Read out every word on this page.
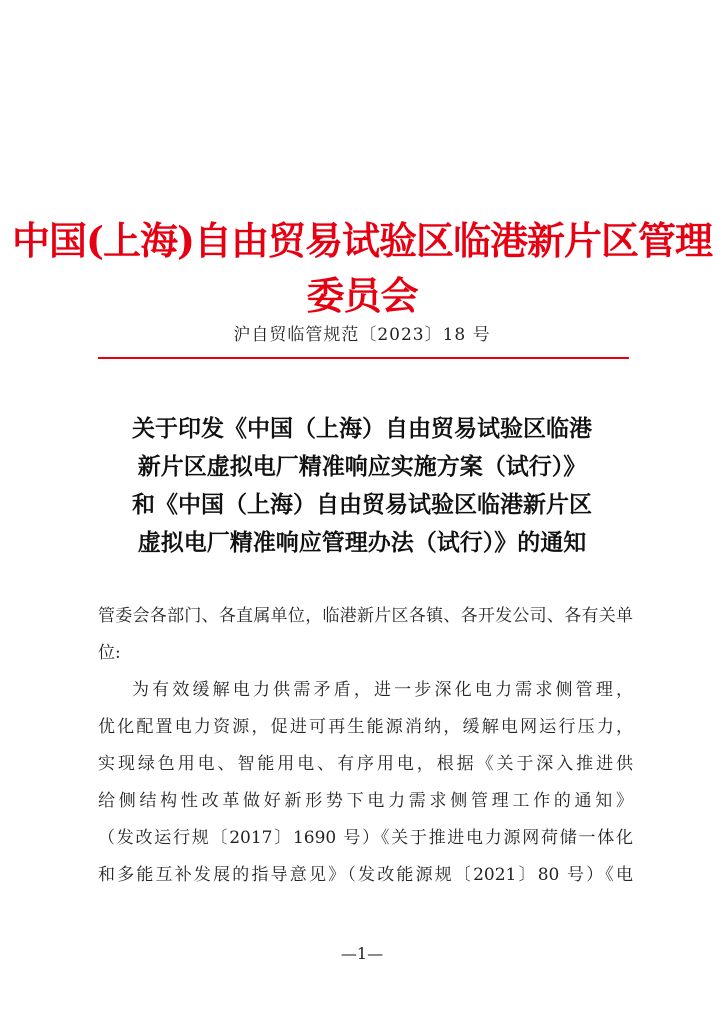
中国(上海)自由贸易试验区临港新片区管理委员会
沪自贸临管规范〔2023〕18 号
关于印发《中国（上海）自由贸易试验区临港
新片区虚拟电厂精准响应实施方案（试行）》
和《中国（上海）自由贸易试验区临港新片区
虚拟电厂精准响应管理办法（试行）》的通知
管委会各部门、各直属单位，临港新片区各镇、各开发公司、各有关单位:
为有效缓解电力供需矛盾，进一步深化电力需求侧管理，
优化配置电力资源，促进可再生能源消纳，缓解电网运行压力，
实现绿色用电、智能用电、有序用电，根据《关于深入推进供
给侧结构性改革做好新形势下电力需求侧管理工作的通知》
（发改运行规〔2017〕1690 号）《关于推进电力源网荷储一体化
和多能互补发展的指导意见》（发改能源规〔2021〕80 号）《电
—1—
